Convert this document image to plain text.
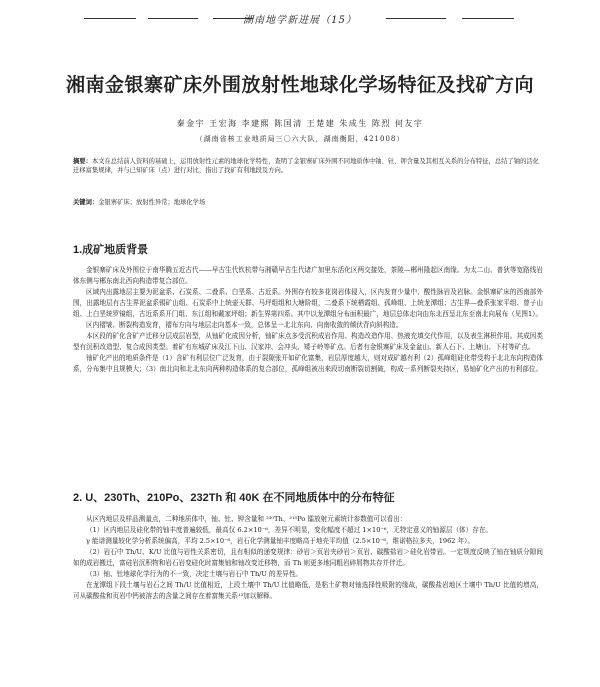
湖南地学新进展（15）
湘南金银寨矿床外围放射性地球化学场特征及找矿方向
秦金宇 王宏海 李建熙 陈国清 王楚建 朱成生 陈烈 何友宇
（湖南省核工业地质局三〇六大队，湖南衡阳，421008）
摘要：本文在总结前人资料的基础上，运用放射性元素的地球化学特性，查明了金银寨矿床外围不同地质体中铀、钍、钾含量及其相互关系的分布特征，总结了铀的活化迁移富集规律，并与已知矿床（点）进行对比，指出了找矿有利地段及方向。
关键词：金银寨矿床；放射性异常；地球化学场
1.成矿地质背景

金银寨矿床及外围位于南华腾五近古代——早古生代钦杭带与湘赣早古生代诸广加里东活化区两交接处，茶陵—郴州隆起区南缘。为太二山、普狄等宽路线岩体东侧与郴东南北西向构造带复合部位。

区域内出露地层主要为泥盆系、石炭系、二叠系、白垩系、古近系。外围存有较多花岗岩体侵入，区内发育少量中、酸性脉岩及岩脉。金银寨矿床的西南部外围，出露地层有古生界泥盆系锡矿山组、石炭系中上统壶天群、马坪组组和大塘阶组，二叠系下统栖霞组、孤峰组、上统龙潭组；古生界—叠系张家平组、曾子山组、上白垩统罗镜组，古近系系开门组、东江组和戴家坪组；新生界第四系。其中以龙潭组分布面积最广，地层总体走向由东北西呈北东至南北向展布（见图1）。

区内褶皱、断裂构造发育，褶布方向与地层走向基本一致，总体呈一北北东向、向南收敛的倾伏背向斜构造。

本区段的矿化含矿产迁移分层成层岩型，从铀矿化成因分析，铀矿床点多受沉积成岩作用、构造改造作用、热液充填交代作用，以及表生淋积作用。其成因类型有沉积改造型、复合成因类型。着矿有东城矿床及江下山、汉家冲、会冲头、矮子岭等矿点。后者有金银寨矿床及金盆山、新人石下、上塘山、下村等矿点。

铀矿化产出的地质条件是（1）含矿有利层位广泛发育，由于裂隙张开如矿化富集，岩层厚度越大，则对成矿越有利（2）孤峰组硅化带受构于北北东向构造体系，分布集中且规模大；（3）南北向和北北东向两种构造体系的复合部位，孤峰组被出来段切南断裂切割破，构成一系列断裂夹持区，易铀矿化产出的有利部位。

2. U、230Th、210Po、232Th 和 40K 在不同地质体中的分布特征

从区内地层及样品测量点，二种地质体中，铀、钍、钾含量和 ²³⁰Th、²¹⁰Po 镭放射元素统计参数值可以看出：

（1）区内地层及硅化带的铀丰度普遍较低，最高仅 6.2×10⁻⁶，差异不明显，变化幅度不超过 1×10⁻⁶，无特定意义的铀源层（体）存在。

γ 能谱测量较化学分析系统偏高，平均 2.5×10⁻⁶，岩石化学测量铀丰度略高于地壳平均值（2.5×10⁻⁶，维诺格拉多夫，1962 年）。

（2）岩石中 Th/U、K/U 比值与岩性关系密切，且有相似的递变规律：砂岩＞页岩夹砂岩＞页岩、碳酸盐岩＞硅化岩带岩。一定规度反映了铀在铀质分隙间如的成岩搬迁，富硅岩沉积物和岩石岩变硅化时富集铀和铀改变迁移物，而 Th 则更多地同粗岩碎屑物共存并伴迁。

（3）铀、钍地球化学行为的不一致，决定土壤与岩石中 Th/U 的差异性。

在龙潭组下段土壤与岩石之间 Th/U 比值相近，上段土壤中 Th/U 比值略低，是粘土矿物对铀选择性吸附的缘故，碳酸盐岩地区土壤中 Th/U 比值的增高，可从碳酸盐和页岩中钙被溶去的含量之间存在着富集关系¹³加以解释。
